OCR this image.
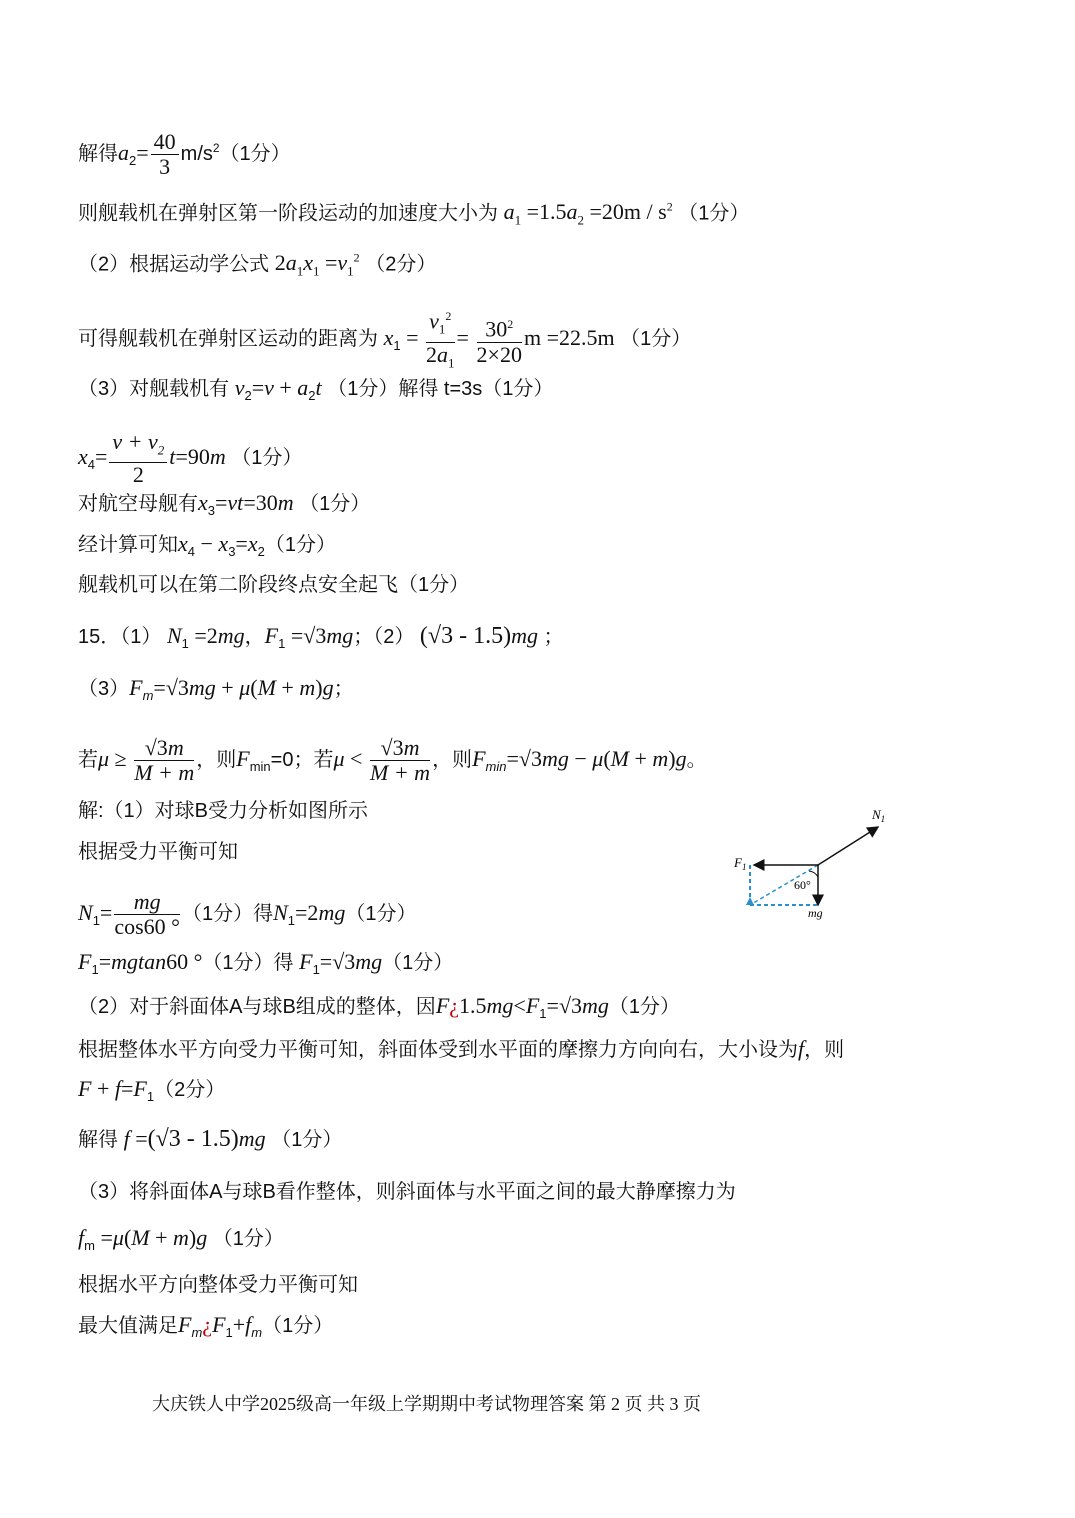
解得$a_2= \frac{40}{3} m/s^2(1$分）
则舰载机在弹射区第一阶段运动的加速度大小为 $a_1 =1.5a_2 =20m / s^2$ （1分）
（2）根据运动学公式 $2a_1x_1 =v_1^2$ （2分）
可得舰载机在弹射区运动的距离为 $x_1 = \frac{v_1^2}{2a_1} = \frac{30^2}{2\times 20}$ m =22.5m （1分）
（3）对舰载机有 $v_2=v + a_2t$ （1分）解得 t=3s（1分）
$x_4= \frac{v + v_2}{2} t=90m$ （1分）
对航空母舰有$x_3=vt=30m$ （1分）
经计算可知$x_4 - x_3=x_2(1$分）
舰载机可以在第二阶段终点安全起飞（1分）
15．（1） $N_1 =2mg$，$F_1 =√3mg$；（2） (√3 - 1.5)mg ；
$(3)F_m=√3mg + \mu(M + m)g$；
若$\mu \ge \frac{√3m}{M + m}$ ，则$F_{min}=0$；若$\mu < \frac{√3m}{M + m}$ ，则$F_{min}=√3mg - \mu(M + m)g$。
解:（1）对球B受力分析如图所示
根据受力平衡可知
$N_1= \frac{mg}{\cos 60 ^\circ} (1$分）得$N_1=2mg(1$分）
$F_1=mgtan60$ °（1分）得 $F_1=√3mg(1$分）
（2）对于斜面体A与球B组成的整体，因$F¿1.5mg<F_1=√3mg(1$分）
根据整体水平方向受力平衡可知，斜面体受到水平面的摩擦力方向向右，大小设为f，则
$F + f=F_1(2$分）
解得 f =(√3 - 1.5)mg （1分）
（3）将斜面体A与球B看作整体，则斜面体与水平面之间的最大静摩擦力为
$f_m =\mu(M + m)g$ （1分）
根据水平方向整体受力平衡可知
最大值满足$F_m¿F_1+f_m(1$分）
$N_1$
$F_1$
60°
mg
大庆铁人中学2025级高一年级上学期期中考试物理答案 第 2 页 共 3 页
